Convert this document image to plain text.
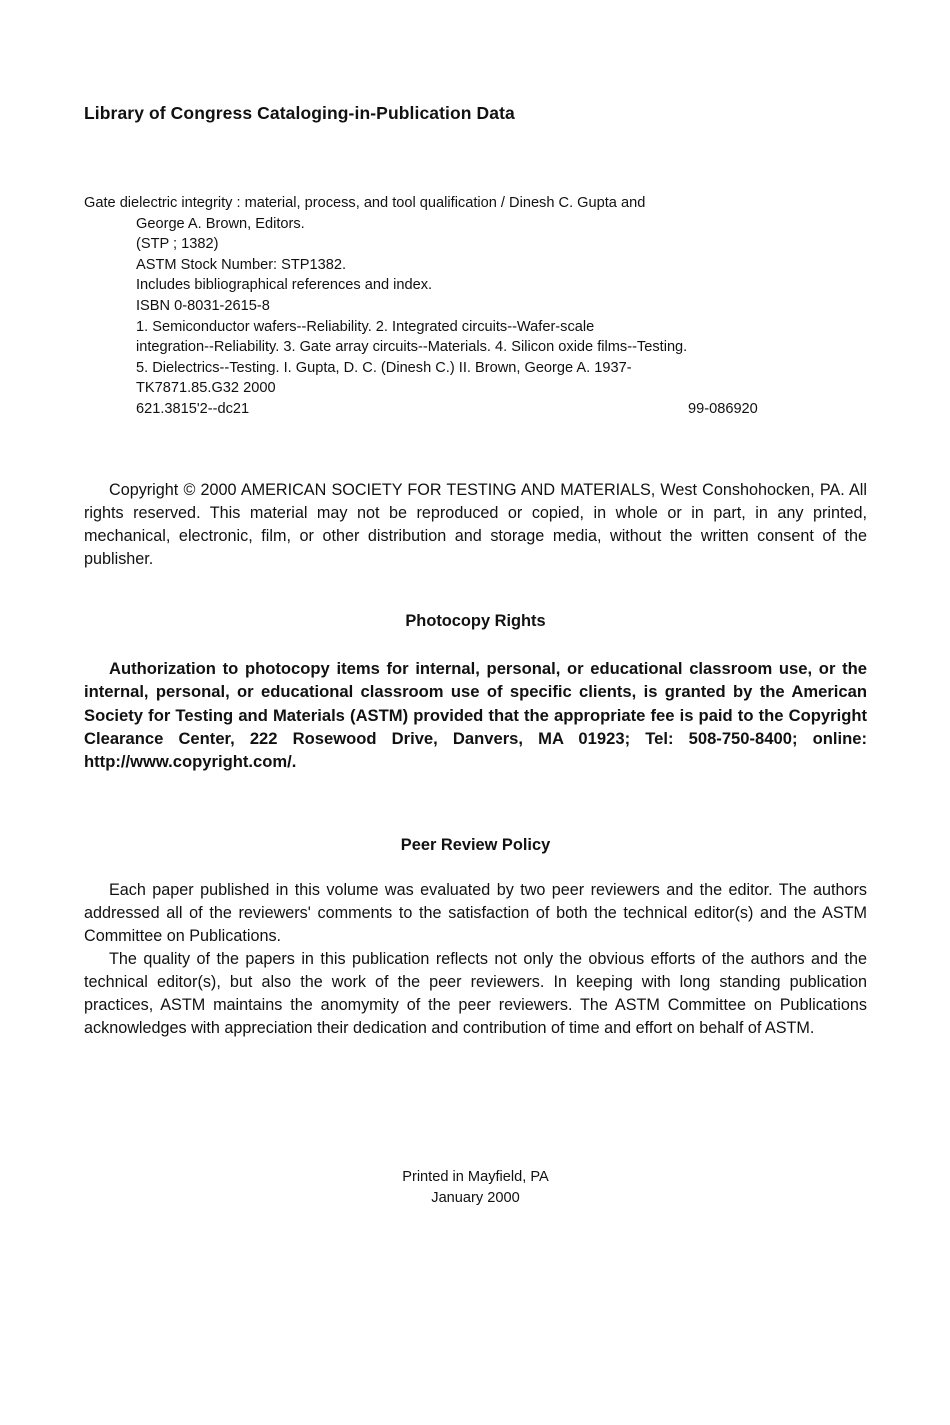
Library of Congress Cataloging-in-Publication Data
Gate dielectric integrity : material, process, and tool qualification / Dinesh C. Gupta and
George A. Brown, Editors.
(STP ; 1382)
ASTM Stock Number: STP1382.
Includes bibliographical references and index.
ISBN 0-8031-2615-8
1. Semiconductor wafers--Reliability. 2. Integrated circuits--Wafer-scale
integration--Reliability. 3. Gate array circuits--Materials. 4. Silicon oxide films--Testing.
5. Dielectrics--Testing. I. Gupta, D. C. (Dinesh C.) II. Brown, George A. 1937-
TK7871.85.G32 2000
621.3815'2--dc21	99-086920
Copyright © 2000 AMERICAN SOCIETY FOR TESTING AND MATERIALS, West Conshohocken, PA. All rights reserved. This material may not be reproduced or copied, in whole or in part, in any printed, mechanical, electronic, film, or other distribution and storage media, without the written consent of the publisher.
Photocopy Rights
Authorization to photocopy items for internal, personal, or educational classroom use, or the internal, personal, or educational classroom use of specific clients, is granted by the American Society for Testing and Materials (ASTM) provided that the appropriate fee is paid to the Copyright Clearance Center, 222 Rosewood Drive, Danvers, MA 01923; Tel: 508-750-8400; online: http://www.copyright.com/.
Peer Review Policy

Each paper published in this volume was evaluated by two peer reviewers and the editor. The authors addressed all of the reviewers' comments to the satisfaction of both the technical editor(s) and the ASTM Committee on Publications.

The quality of the papers in this publication reflects not only the obvious efforts of the authors and the technical editor(s), but also the work of the peer reviewers. In keeping with long standing publication practices, ASTM maintains the anomymity of the peer reviewers. The ASTM Committee on Publications acknowledges with appreciation their dedication and contribution of time and effort on behalf of ASTM.

Printed in Mayfield, PA
January 2000
